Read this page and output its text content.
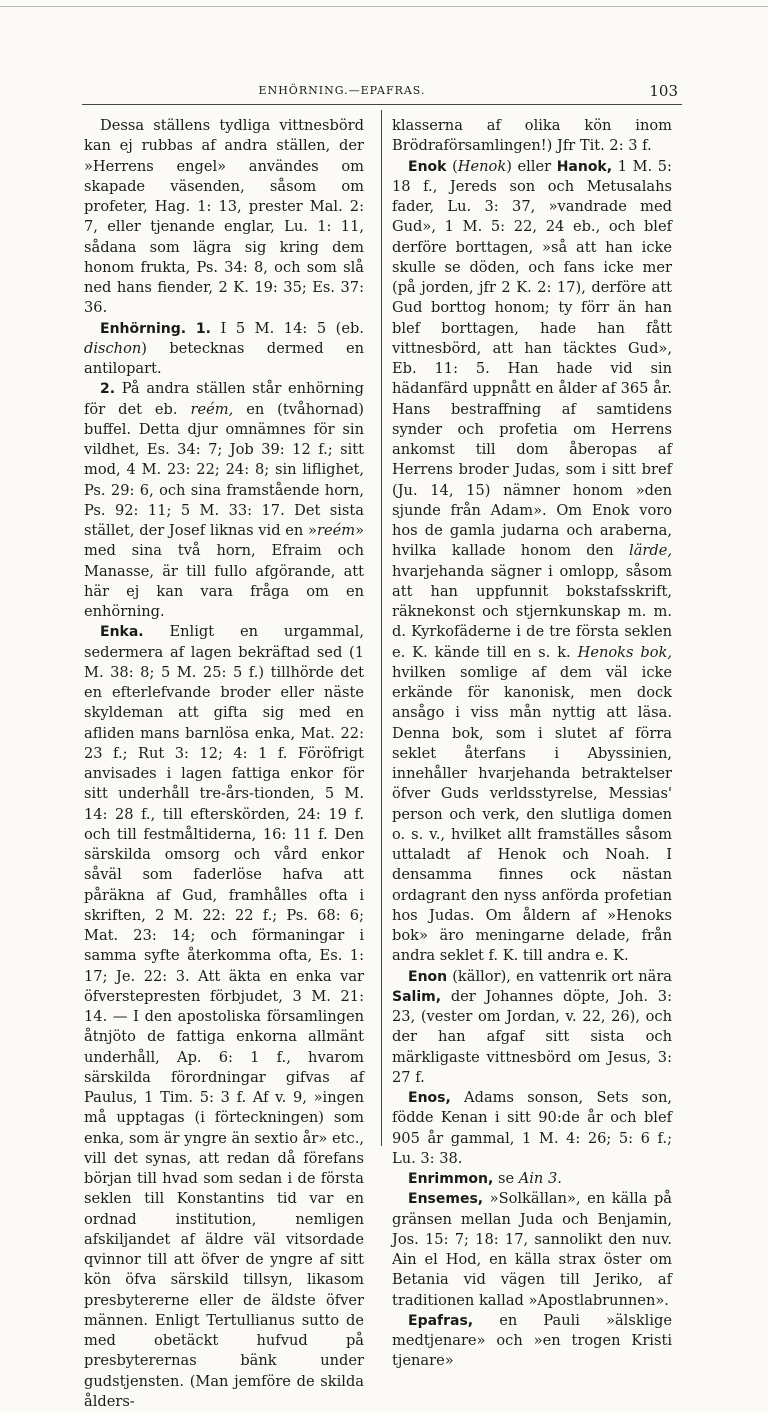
ENHÖRNING.—EPAFRAS.	103

Dessa ställens tydliga vittnesbörd kan ej rubbas af andra ställen, der »Herrens engel» användes om skapade väsenden, såsom om profeter, Hag. 1: 13, prester Mal. 2: 7, eller tjenande englar, Lu. 1: 11, sådana som lägra sig kring dem honom frukta, Ps. 34: 8, och som slå ned hans fiender, 2 K. 19: 35; Es. 37: 36.

Enhörning. 1. I 5 M. 14: 5 (eb. dischon) betecknas dermed en antilopart.

2. På andra ställen står enhörning för det eb. reém, en (tvåhornad) buffel. Detta djur omnämnes för sin vildhet, Es. 34: 7; Job 39: 12 f.; sitt mod, 4 M. 23: 22; 24: 8; sin liflighet, Ps. 29: 6, och sina framstående horn, Ps. 92: 11; 5 M. 33: 17. Det sista stället, der Josef liknas vid en »reém» med sina två horn, Efraim och Manasse, är till fullo afgörande, att här ej kan vara fråga om en enhörning.

Enka. Enligt en urgammal, sedermera af lagen bekräftad sed (1 M. 38: 8; 5 M. 25: 5 f.) tillhörde det en efterlefvande broder eller näste skyldeman att gifta sig med en afliden mans barnlösa enka, Mat. 22: 23 f.; Rut 3: 12; 4: 1 f. Föröfrigt anvisades i lagen fattiga enkor för sitt underhåll tre-års-tionden, 5 M. 14: 28 f., till efterskörden, 24: 19 f. och till festmåltiderna, 16: 11 f. Den särskilda omsorg och vård enkor såväl som faderlöse hafva att påräkna af Gud, framhålles ofta i skriften, 2 M. 22: 22 f.; Ps. 68: 6; Mat. 23: 14; och förmaningar i samma syfte återkomma ofta, Es. 1: 17; Je. 22: 3. Att äkta en enka var öfverstepresten förbjudet, 3 M. 21: 14. — I den apostoliska församlingen åtnjöto de fattiga enkorna allmänt underhåll, Ap. 6: 1 f., hvarom särskilda förordningar gifvas af Paulus, 1 Tim. 5: 3 f. Af v. 9, »ingen må upptagas (i förteckningen) som enka, som är yngre än sextio år» etc., vill det synas, att redan då förefans början till hvad som sedan i de första seklen till Konstantins tid var en ordnad institution, nemligen afskiljandet af äldre väl vitsordade qvinnor till att öfver de yngre af sitt kön öfva särskild tillsyn, likasom presbytererne eller de äldste öfver männen. Enligt Tertullianus sutto de med obetäckt hufvud på presbyterernas bänk under gudstjensten. (Man jemföre de skilda ålders-

klasserna af olika kön inom Brödraförsamlingen!) Jfr Tit. 2: 3 f.

Enok (Henok) eller Hanok, 1 M. 5: 18 f., Jereds son och Metusalahs fader, Lu. 3: 37, »vandrade med Gud», 1 M. 5: 22, 24 eb., och blef derföre borttagen, »så att han icke skulle se döden, och fans icke mer (på jorden, jfr 2 K. 2: 17), derföre att Gud borttog honom; ty förr än han blef borttagen, hade han fått vittnesbörd, att han täcktes Gud», Eb. 11: 5. Han hade vid sin hädanfärd uppnått en ålder af 365 år. Hans bestraffning af samtidens synder och profetia om Herrens ankomst till dom åberopas af Herrens broder Judas, som i sitt bref (Ju. 14, 15) nämner honom »den sjunde från Adam». Om Enok voro hos de gamla judarna och araberna, hvilka kallade honom den lärde, hvarjehanda sägner i omlopp, såsom att han uppfunnit bokstafsskrift, räknekonst och stjernkunskap m. m. d. Kyrkofäderne i de tre första seklen e. K. kände till en s. k. Henoks bok, hvilken somlige af dem väl icke erkände för kanonisk, men dock ansågo i viss mån nyttig att läsa. Denna bok, som i slutet af förra seklet återfans i Abyssinien, innehåller hvarjehanda betraktelser öfver Guds verldsstyrelse, Messias' person och verk, den slutliga domen o. s. v., hvilket allt framställes såsom uttaladt af Henok och Noah. I densamma finnes ock nästan ordagrant den nyss anförda profetian hos Judas. Om åldern af »Henoks bok» äro meningarne delade, från andra seklet f. K. till andra e. K.

Enon (källor), en vattenrik ort nära Salim, der Johannes döpte, Joh. 3: 23, (vester om Jordan, v. 22, 26), och der han afgaf sitt sista och märkligaste vittnesbörd om Jesus, 3: 27 f.

Enos, Adams sonson, Sets son, födde Kenan i sitt 90:de år och blef 905 år gammal, 1 M. 4: 26; 5: 6 f.; Lu. 3: 38.

Enrimmon, se Ain 3.

Ensemes, »Solkällan», en källa på gränsen mellan Juda och Benjamin, Jos. 15: 7; 18: 17, sannolikt den nuv. Ain el Hod, en källa strax öster om Betania vid vägen till Jeriko, af traditionen kallad »Apostlabrunnen».

Epafras, en Pauli »älsklige medtjenare» och »en trogen Kristi tjenare»
